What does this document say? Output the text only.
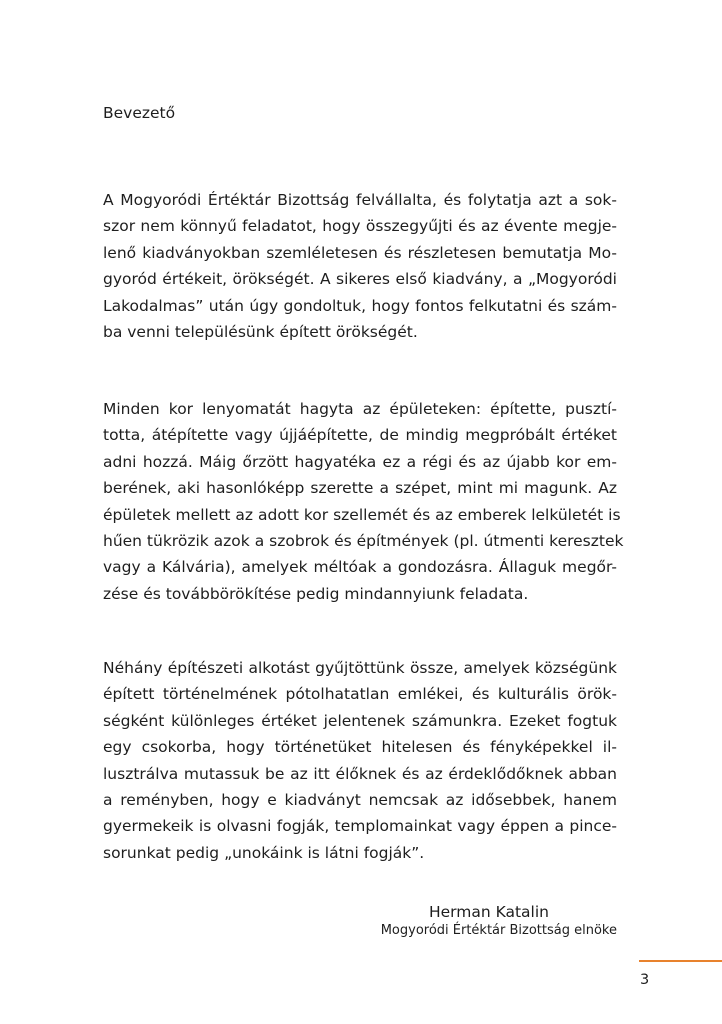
Bevezető
A Mogyoródi Értéktár Bizottság felvállalta, és folytatja azt a sok-
szor nem könnyű feladatot, hogy összegyűjti és az évente megje-
lenő kiadványokban szemléletesen és részletesen bemutatja Mo-
gyoród értékeit, örökségét. A sikeres első kiadvány, a „Mogyoródi
Lakodalmas” után úgy gondoltuk, hogy fontos felkutatni és szám-
ba venni településünk épített örökségét.
Minden kor lenyomatát hagyta az épületeken: építette, pusztí-
totta, átépítette vagy újjáépítette, de mindig megpróbált értéket
adni hozzá. Máig őrzött hagyatéka ez a régi és az újabb kor em-
berének, aki hasonlóképp szerette a szépet, mint mi magunk. Az
épületek mellett az adott kor szellemét és az emberek lelkületét is
hűen tükrözik azok a szobrok és építmények (pl. útmenti keresztek
vagy a Kálvária), amelyek méltóak a gondozásra. Állaguk megőr-
zése és továbbörökítése pedig mindannyiunk feladata.
Néhány építészeti alkotást gyűjtöttünk össze, amelyek községünk
épített történelmének pótolhatatlan emlékei, és kulturális örök-
ségként különleges értéket jelentenek számunkra. Ezeket fogtuk
egy csokorba, hogy történetüket hitelesen és fényképekkel il-
lusztrálva mutassuk be az itt élőknek és az érdeklődőknek abban
a reményben, hogy e kiadványt nemcsak az idősebbek, hanem
gyermekeik is olvasni fogják, templomainkat vagy éppen a pince-
sorunkat pedig „unokáink is látni fogják”.

Herman Katalin

Mogyoródi Értéktár Bizottság elnöke

3
